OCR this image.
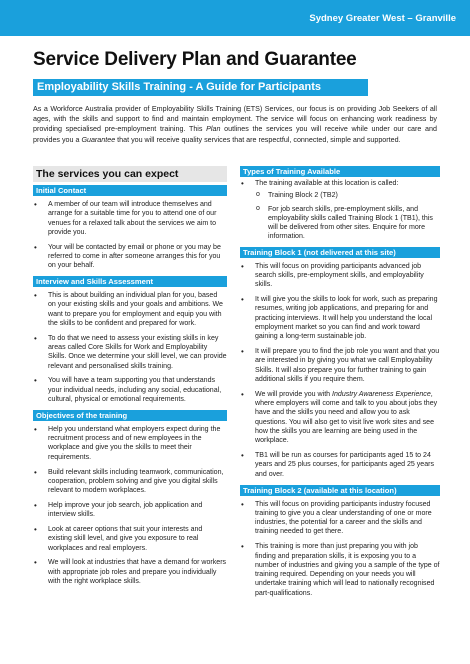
Sydney Greater West – Granville
Service Delivery Plan and Guarantee
Employability Skills Training - A Guide for Participants

As a Workforce Australia provider of Employability Skills Training (ETS) Services, our focus is on providing Job Seekers of all ages, with the skills and support to find and maintain employment. The service will focus on enhancing work readiness by providing specialised pre-employment training. This Plan outlines the services you will receive while under our care and provides you a Guarantee that you will receive quality services that are respectful, connected, simple and supported.

The services you can expect
Initial Contact
• A member of our team will introduce themselves and arrange for a suitable time for you to attend one of our venues for a relaxed talk about the services we aim to provide you.
• Your will be contacted by email or phone or you may be referred to come in after someone arranges this for you on your behalf.
Interview and Skills Assessment
• This is about building an individual plan for you, based on your existing skills and your goals and ambitions. We want to prepare you for employment and equip you with the skills to be confident and prepared for work.
• To do that we need to assess your existing skills in key areas called Core Skills for Work and Employability Skills. Once we determine your skill level, we can provide relevant and personalised skills training.
• You will have a team supporting you that understands your individual needs, including any social, educational, cultural, physical or emotional requirements.
Objectives of the training
• Help you understand what employers expect during the recruitment process and of new employees in the workplace and give you the skills to meet their requirements.
• Build relevant skills including teamwork, communication, cooperation, problem solving and give you digital skills relevant to modern workplaces.
• Help improve your job search, job application and interview skills.
• Look at career options that suit your interests and existing skill level, and give you exposure to real workplaces and real employers.
• We will look at industries that have a demand for workers with appropriate job roles and prepare you individually with the right workplace skills.
Types of Training Available
• The training available at this location is called:
o Training Block 2 (TB2)
o For job search skills, pre-employment skills, and employability skills called Training Block 1 (TB1), this will be delivered from other sites. Enquire for more information.
Training Block 1 (not delivered at this site)
• This will focus on providing participants advanced job search skills, pre-employment skills, and employability skills.
• It will give you the skills to look for work, such as preparing resumes, writing job applications, and preparing for and practicing interviews. It will help you understand the local employment market so you can find and work toward gaining a long-term sustainable job.
• It will prepare you to find the job role you want and that you are interested in by giving you what we call Employability Skills. It will also prepare you for further training to gain additional skills if you require them.
• We will provide you with Industry Awareness Experience, where employers will come and talk to you about jobs they have and the skills you need and allow you to ask questions. You will also get to visit live work sites and see how the skills you are learning are being used in the workplace.
• TB1 will be run as courses for participants aged 15 to 24 years and 25 plus courses, for participants aged 25 years and over.
Training Block 2 (available at this location)
• This will focus on providing participants industry focused training to give you a clear understanding of one or more industries, the potential for a career and the skills and training needed to get there.
• This training is more than just preparing you with job finding and preparation skills, it is exposing you to a number of industries and giving you a sample of the type of training required. Depending on your needs you will undertake training which will lead to nationally recognised part-qualifications.
